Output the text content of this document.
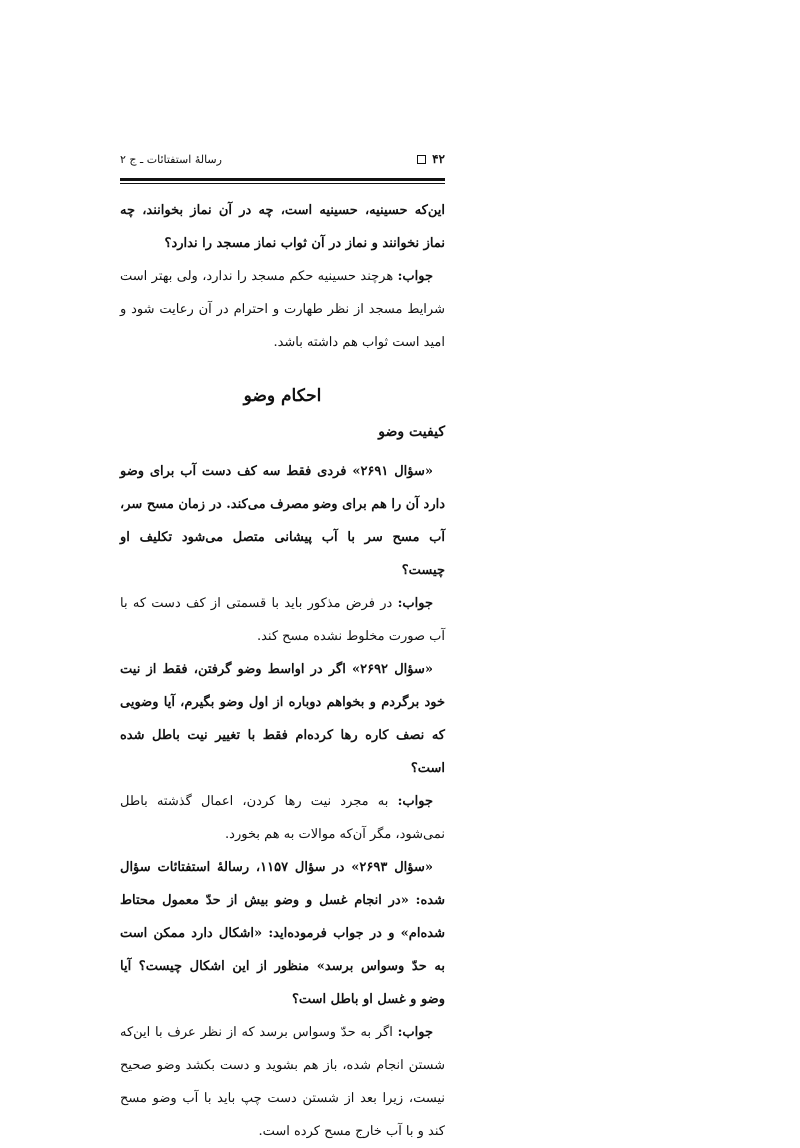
۴۲
رسالۀ استفتائات ـ ج ۲

این‌که حسینیه، حسینیه است، چه در آن نماز بخوانند، چه نماز نخوانند و نماز در آن ثواب نماز مسجد را ندارد؟

جواب: هرچند حسینیه حکم مسجد را ندارد، ولی بهتر است شرایط مسجد از نظر طهارت و احترام در آن رعایت شود و امید است ثواب هم داشته باشد.

احکام وضو
کیفیت وضو

«سؤال ۲۶۹۱» فردی فقط سه کف دست آب برای وضو دارد آن را هم برای وضو مصرف می‌کند. در زمان مسح سر، آب مسح سر با آب پیشانی متصل می‌شود تکلیف او چیست؟

جواب: در فرض مذکور باید با قسمتی از کف دست که با آب صورت مخلوط نشده مسح کند.

«سؤال ۲۶۹۲» اگر در اواسط وضو گرفتن، فقط از نیت خود برگردم و بخواهم دوباره از اول وضو بگیرم، آیا وضویی که نصف کاره رها کرده‌ام فقط با تغییر نیت باطل شده است؟

جواب: به مجرد نیت رها کردن، اعمال گذشته باطل نمی‌شود، مگر آن‌که موالات به هم بخورد.

«سؤال ۲۶۹۳» در سؤال ۱۱۵۷، رسالۀ استفتائات سؤال شده: «در انجام غسل و وضو بیش از حدّ معمول محتاط شده‌ام» و در جواب فرموده‌اید: «اشکال دارد ممکن است به حدّ وسواس برسد» منظور از این اشکال چیست؟ آیا وضو و غسل او باطل است؟

جواب: اگر به حدّ وسواس برسد که از نظر عرف با این‌که شستن انجام شده، باز هم بشوید و دست بکشد وضو صحیح نیست، زیرا بعد از شستن دست چپ باید با آب وضو مسح کند و با آب خارج مسح کرده است.
